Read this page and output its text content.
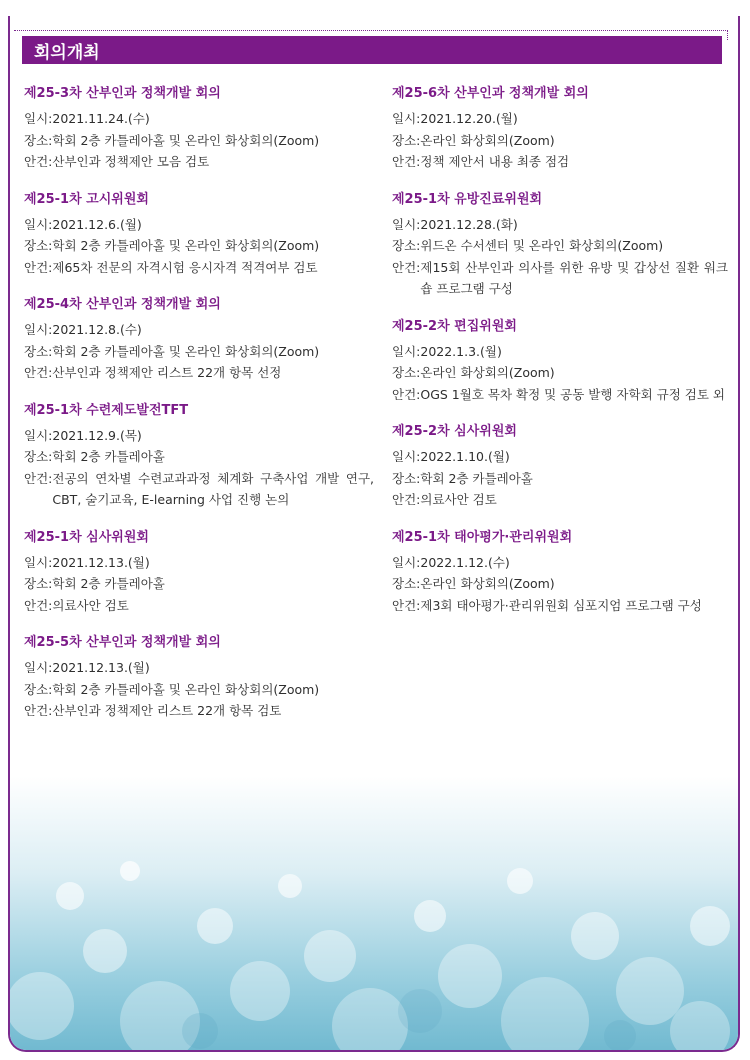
회의개최
제25-3차 산부인과 정책개발 회의
일시: 2021.11.24.(수)
장소: 학회 2층 카틀레아홀 및 온라인 화상회의(Zoom)
안건: 산부인과 정책제안 모음 검토
제25-1차 고시위원회
일시: 2021.12.6.(월)
장소: 학회 2층 카틀레아홀 및 온라인 화상회의(Zoom)
안건: 제65차 전문의 자격시험 응시자격 적격여부 검토
제25-4차 산부인과 정책개발 회의
일시: 2021.12.8.(수)
장소: 학회 2층 카틀레아홀 및 온라인 화상회의(Zoom)
안건: 산부인과 정책제안 리스트 22개 항목 선정
제25-1차 수련제도발전TFT
일시: 2021.12.9.(목)
장소: 학회 2층 카틀레아홀
안건: 전공의 연차별 수련교과과정 체계화 구축사업 개발 연구, CBT, 술기교육, E-learning 사업 진행 논의
제25-1차 심사위원회
일시: 2021.12.13.(월)
장소: 학회 2층 카틀레아홀
안건: 의료사안 검토
제25-5차 산부인과 정책개발 회의
일시: 2021.12.13.(월)
장소: 학회 2층 카틀레아홀 및 온라인 화상회의(Zoom)
안건: 산부인과 정책제안 리스트 22개 항목 검토
제25-6차 산부인과 정책개발 회의
일시: 2021.12.20.(월)
장소: 온라인 화상회의(Zoom)
안건: 정책 제안서 내용 최종 점검
제25-1차 유방진료위원회
일시: 2021.12.28.(화)
장소: 위드온 수서센터 및 온라인 화상회의(Zoom)
안건: 제15회 산부인과 의사를 위한 유방 및 갑상선 질환 워크숍 프로그램 구성
제25-2차 편집위원회
일시: 2022.1.3.(월)
장소: 온라인 화상회의(Zoom)
안건: OGS 1월호 목차 확정 및 공동 발행 자학회 규정 검토 외
제25-2차 심사위원회
일시: 2022.1.10.(월)
장소: 학회 2층 카틀레아홀
안건: 의료사안 검토
제25-1차 태아평가·관리위원회
일시: 2022.1.12.(수)
장소: 온라인 화상회의(Zoom)
안건: 제3회 태아평가·관리위원회 심포지엄 프로그램 구성
